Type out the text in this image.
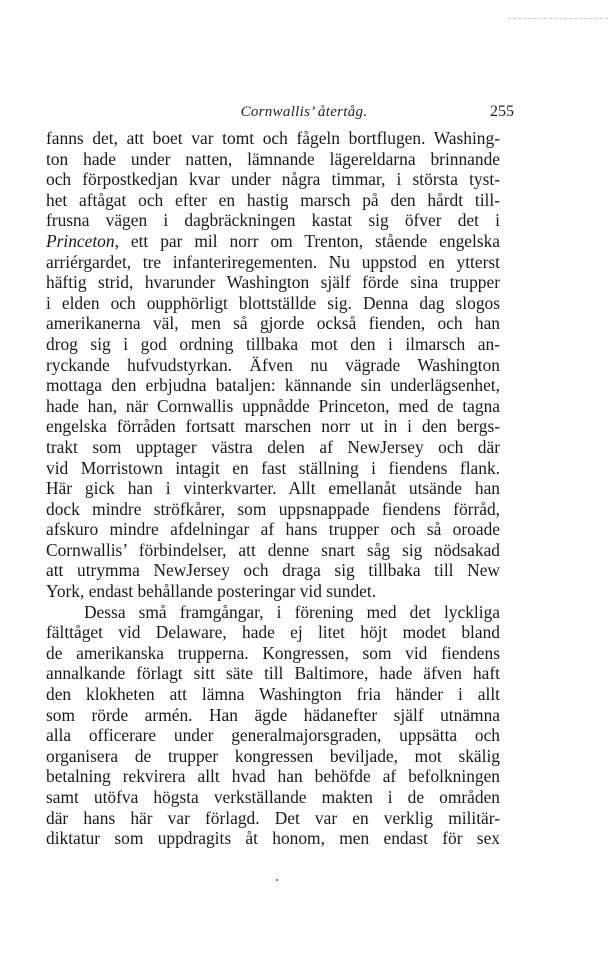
Cornwallis’ återtåg.	255
fanns det, att boet var tomt och fågeln bortflugen. Washing-
ton hade under natten, lämnande lägereldarna brinnande
och förpostkedjan kvar under några timmar, i största tyst-
het aftågat och efter en hastig marsch på den hårdt till-
frusna vägen i dagbräckningen kastat sig öfver det i
Princeton, ett par mil norr om Trenton, stående engelska
arriérgardet, tre infanteriregementen. Nu uppstod en ytterst
häftig strid, hvarunder Washington själf förde sina trupper
i elden och oupphörligt blottställde sig. Denna dag slogos
amerikanerna väl, men så gjorde också fienden, och han
drog sig i god ordning tillbaka mot den i ilmarsch an-
ryckande hufvudstyrkan. Äfven nu vägrade Washington
mottaga den erbjudna bataljen: kännande sin underlägsenhet,
hade han, när Cornwallis uppnådde Princeton, med de tagna
engelska förråden fortsatt marschen norr ut in i den bergs-
trakt som upptager västra delen af NewJersey och där
vid Morristown intagit en fast ställning i fiendens flank.
Här gick han i vinterkvarter. Allt emellanåt utsände han
dock mindre ströfkårer, som uppsnappade fiendens förråd,
afskuro mindre afdelningar af hans trupper och så oroade
Cornwallis’ förbindelser, att denne snart såg sig nödsakad
att utrymma NewJersey och draga sig tillbaka till New
York, endast behållande posteringar vid sundet.
Dessa små framgångar, i förening med det lyckliga
fälttåget vid Delaware, hade ej litet höjt modet bland
de amerikanska trupperna. Kongressen, som vid fiendens
annalkande förlagt sitt säte till Baltimore, hade äfven haft
den klokheten att lämna Washington fria händer i allt
som rörde armén. Han ägde hädanefter själf utnämna
alla officerare under generalmajorsgraden, uppsätta och
organisera de trupper kongressen beviljade, mot skälig
betalning rekvirera allt hvad han behöfde af befolkningen
samt utöfva högsta verkställande makten i de områden
där hans här var förlagd. Det var en verklig militär-
diktatur som uppdragits åt honom, men endast för sex
